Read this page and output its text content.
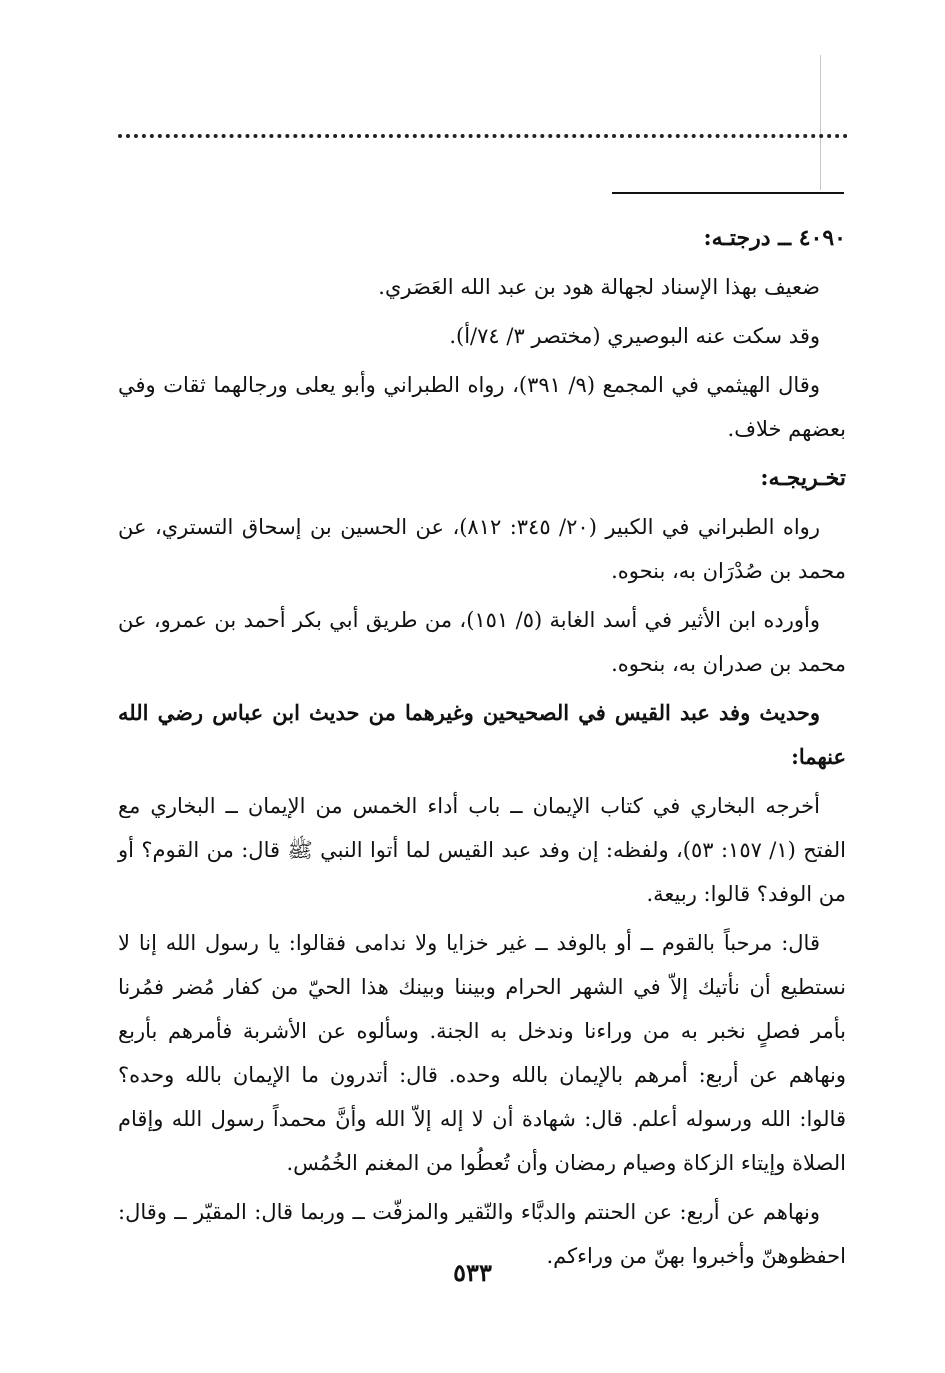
٤٠٩٠ ــ درجتـه:

ضعيف بهذا الإسناد لجهالة هود بن عبد الله العَصَري.

وقد سكت عنه البوصيري (مختصر ٣/ ٧٤/أ).

وقال الهيثمي في المجمع (٩/ ٣٩١)، رواه الطبراني وأبو يعلى ورجالهما ثقات وفي بعضهم خلاف.

تخـريجـه:

رواه الطبراني في الكبير (٢٠/ ٣٤٥: ٨١٢)، عن الحسين بن إسحاق التستري، عن محمد بن صُدْرَان به، بنحوه.

وأورده ابن الأثير في أسد الغابة (٥/ ١٥١)، من طريق أبي بكر أحمد بن عمرو، عن محمد بن صدران به، بنحوه.

وحديث وفد عبد القيس في الصحيحين وغيرهما من حديث ابن عباس رضي الله عنهما:

أخرجه البخاري في كتاب الإيمان ــ باب أداء الخمس من الإيمان ــ البخاري مع الفتح (١/ ١٥٧: ٥٣)، ولفظه: إن وفد عبد القيس لما أتوا النبي ﷺ قال: من القوم؟ أو من الوفد؟ قالوا: ربيعة.

قال: مرحباً بالقوم ــ أو بالوفد ــ غير خزايا ولا ندامى فقالوا: يا رسول الله إنا لا نستطيع أن نأتيك إلاّ في الشهر الحرام وبيننا وبينك هذا الحيّ من كفار مُضر فمُرنا بأمر فصلٍ نخبر به من وراءنا وندخل به الجنة. وسألوه عن الأشربة فأمرهم بأربع ونهاهم عن أربع: أمرهم بالإيمان بالله وحده. قال: أتدرون ما الإيمان بالله وحده؟ قالوا: الله ورسوله أعلم. قال: شهادة أن لا إله إلاّ الله وأنَّ محمداً رسول الله وإقام الصلاة وإيتاء الزكاة وصيام رمضان وأن تُعطُوا من المغنم الخُمُس.

ونهاهم عن أربع: عن الحنتم والدبَّاء والنّقير والمزفّت ــ وربما قال: المقيّر ــ وقال: احفظوهنّ وأخبروا بهنّ من وراءكم.

٥٣٣
